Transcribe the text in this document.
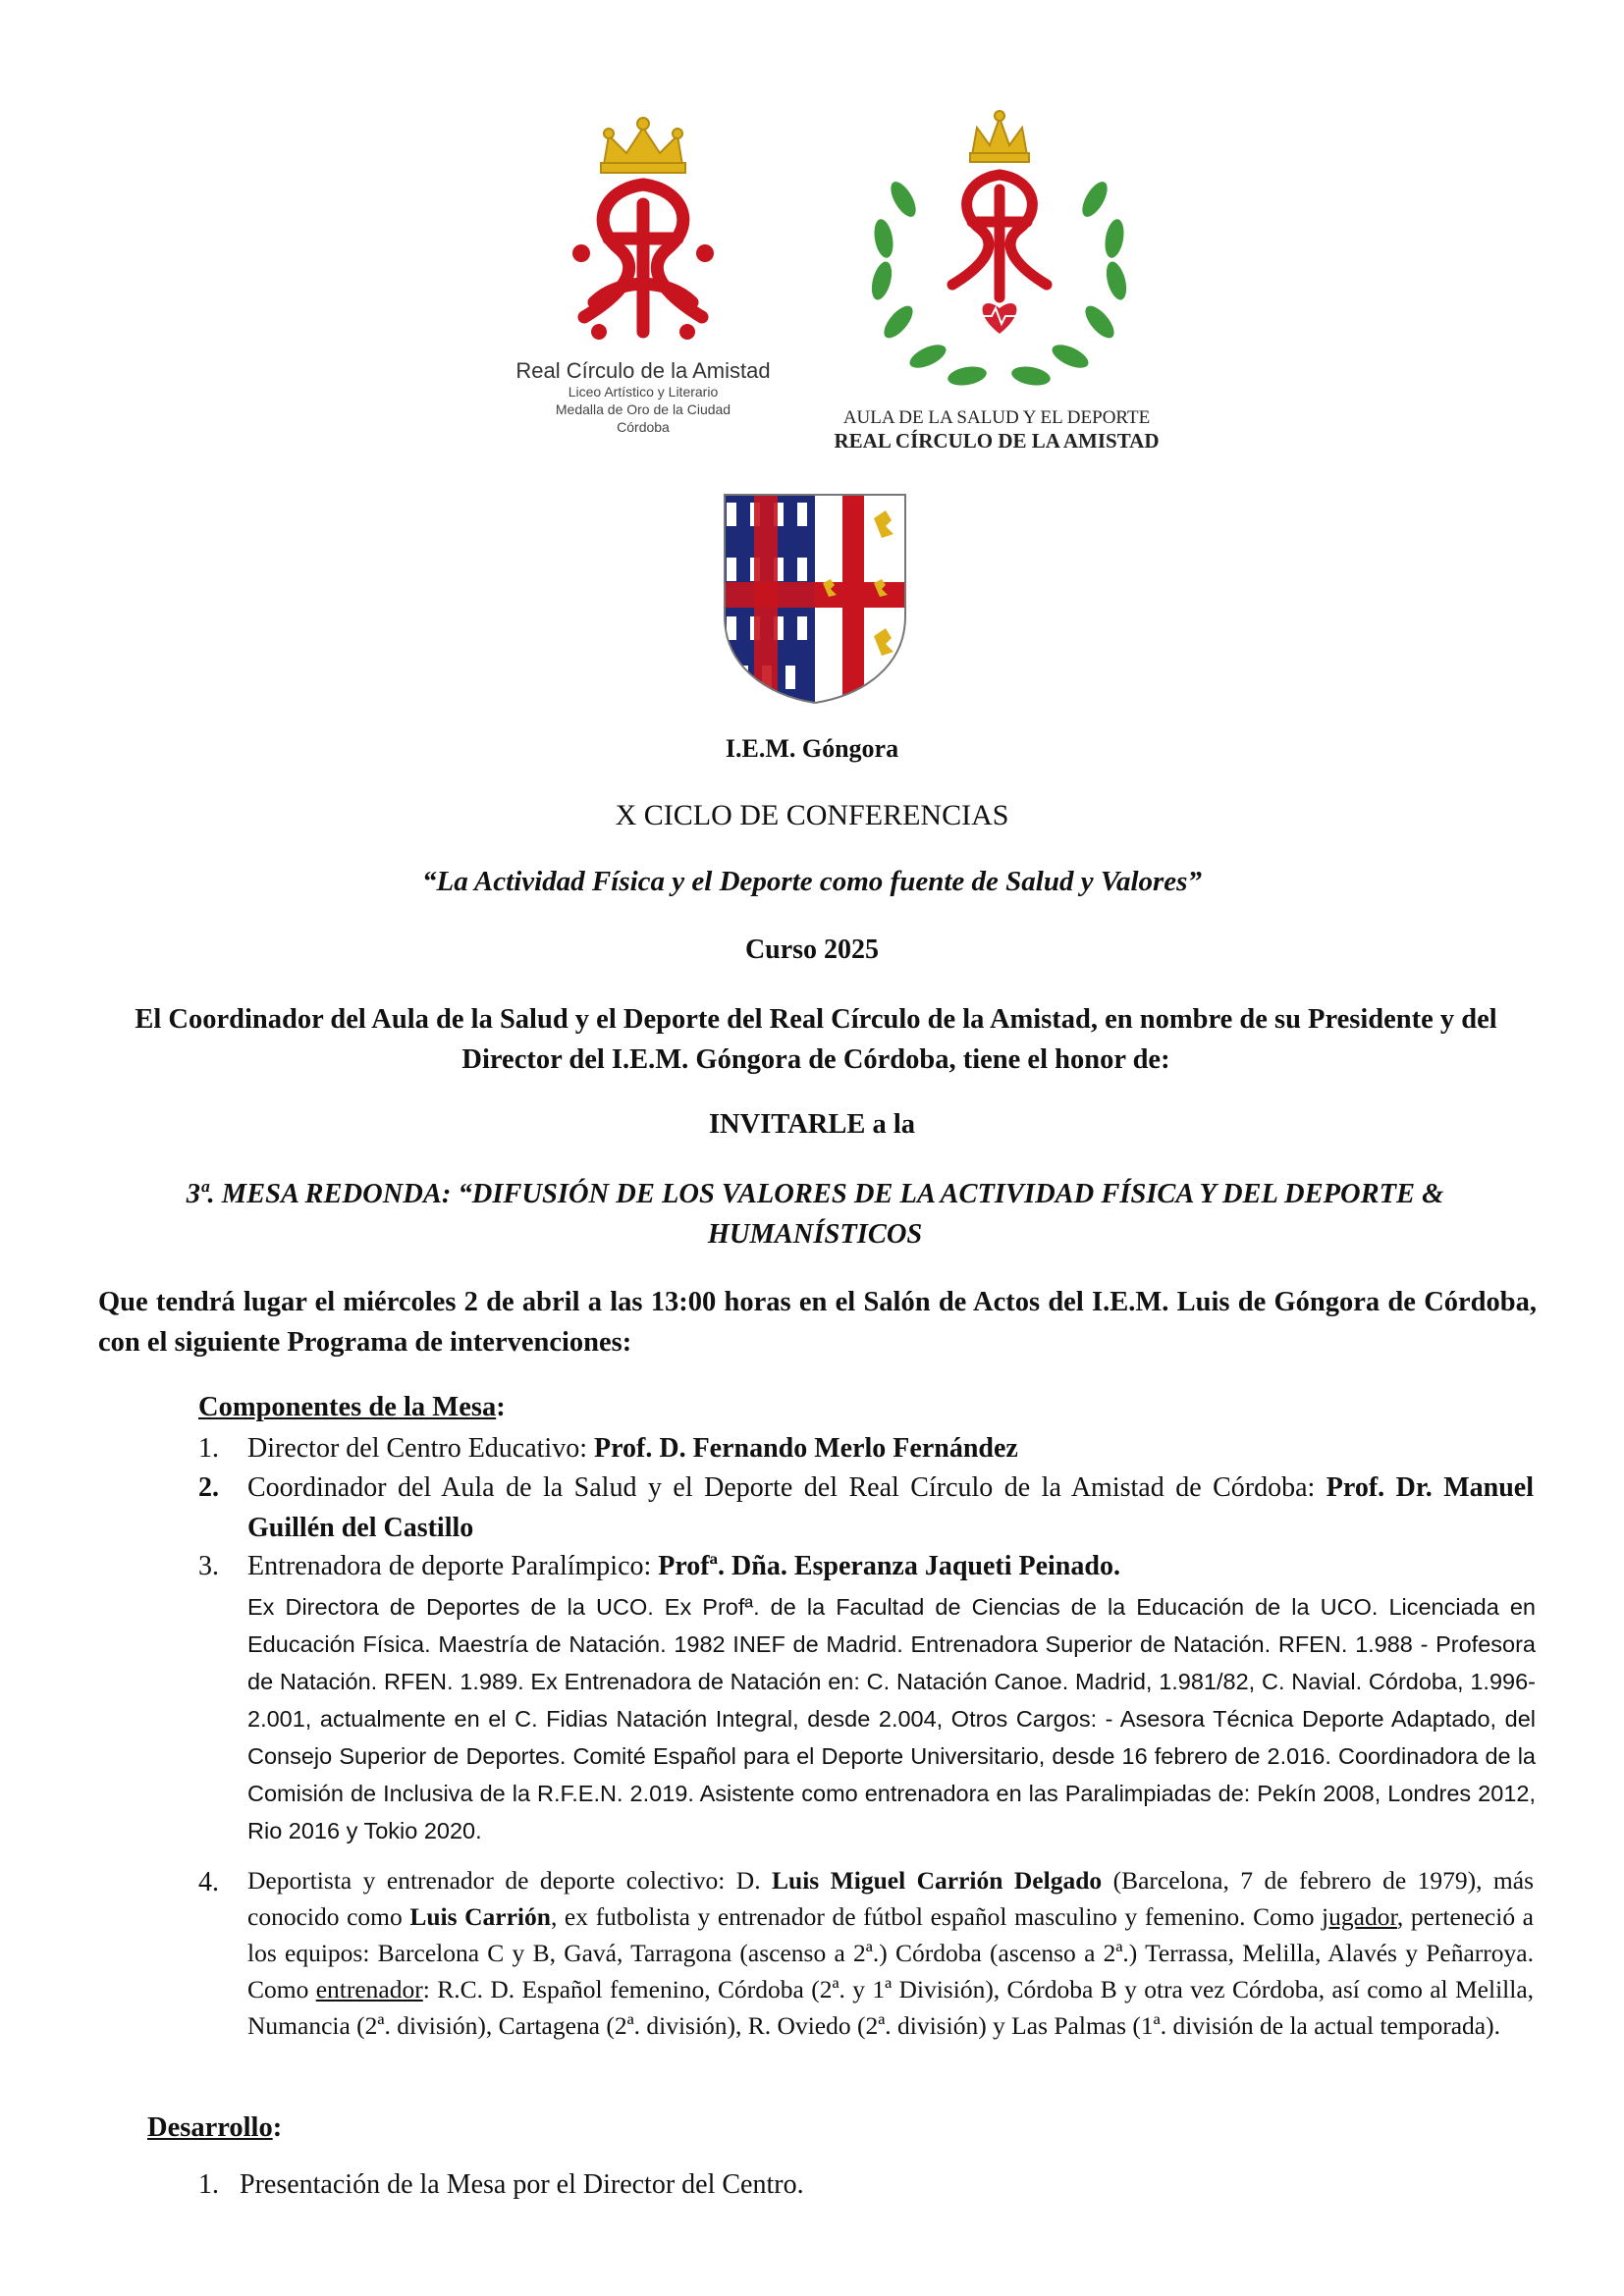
Real Círculo de la Amistad
Liceo Artístico y Literario
Medalla de Oro de la Ciudad
Córdoba	AULA DE LA SALUD Y EL DEPORTE
REAL CÍRCULO DE LA AMISTAD
I.E.M. Góngora
X CICLO DE CONFERENCIAS
“La Actividad Física y el Deporte como fuente de Salud y Valores”
Curso 2025
El Coordinador del Aula de la Salud y el Deporte del Real Círculo de la Amistad, en nombre de su Presidente y del Director del I.E.M. Góngora de Córdoba, tiene el honor de:
INVITARLE a la
3ª. MESA REDONDA: “DIFUSIÓN DE LOS VALORES DE LA ACTIVIDAD FÍSICA Y DEL DEPORTE & HUMANÍSTICOS
Que tendrá lugar el miércoles 2 de abril a las 13:00 horas en el Salón de Actos del I.E.M. Luis de Góngora de Córdoba, con el siguiente Programa de intervenciones:
Componentes de la Mesa:
1.	Director del Centro Educativo: Prof. D. Fernando Merlo Fernández
2.	Coordinador del Aula de la Salud y el Deporte del Real Círculo de la Amistad de Córdoba: Prof. Dr. Manuel Guillén del Castillo
3.	Entrenadora de deporte Paralímpico: Profª. Dña. Esperanza Jaqueti Peinado.
Ex Directora de Deportes de la UCO. Ex Profª. de la Facultad de Ciencias de la Educación de la UCO. Licenciada en Educación Física. Maestría de Natación. 1982 INEF de Madrid. Entrenadora Superior de Natación. RFEN. 1.988 - Profesora de Natación. RFEN. 1.989. Ex Entrenadora de Natación en: C. Natación Canoe. Madrid, 1.981/82, C. Navial. Córdoba, 1.996-2.001, actualmente en el C. Fidias Natación Integral, desde 2.004, Otros Cargos: - Asesora Técnica Deporte Adaptado, del Consejo Superior de Deportes. Comité Español para el Deporte Universitario, desde 16 febrero de 2.016. Coordinadora de la Comisión de Inclusiva de la R.F.E.N. 2.019. Asistente como entrenadora en las Paralimpiadas de: Pekín 2008, Londres 2012, Rio 2016 y Tokio 2020.
4.	Deportista y entrenador de deporte colectivo: D. Luis Miguel Carrión Delgado (Barcelona, 7 de febrero de 1979), más conocido como Luis Carrión, ex futbolista y entrenador de fútbol español masculino y femenino. Como jugador, perteneció a los equipos: Barcelona C y B, Gavá, Tarragona (ascenso a 2ª.) Córdoba (ascenso a 2ª.) Terrassa, Melilla, Alavés y Peñarroya. Como entrenador: R.C. D. Español femenino, Córdoba (2ª. y 1ª División), Córdoba B y otra vez Córdoba, así como al Melilla, Numancia (2ª. división), Cartagena (2ª. división), R. Oviedo (2ª. división) y Las Palmas (1ª. división de la actual temporada).
Desarrollo:
1. Presentación de la Mesa por el Director del Centro.
